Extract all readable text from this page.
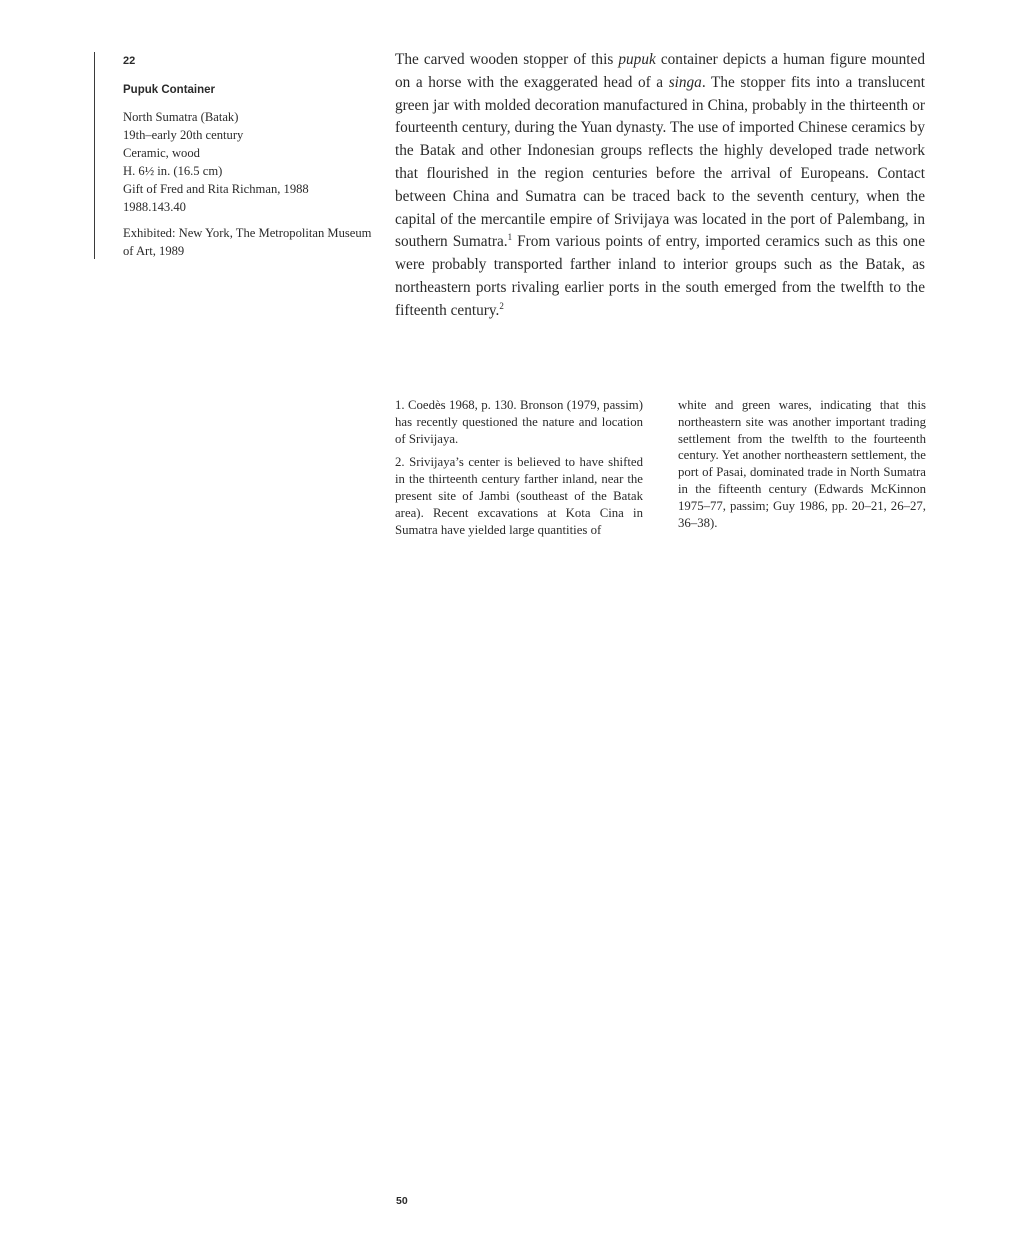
22

Pupuk Container

North Sumatra (Batak)

19th–early 20th century

Ceramic, wood

H. 6½ in. (16.5 cm)

Gift of Fred and Rita Richman, 1988

1988.143.40

Exhibited: New York, The Metropolitan Museum of Art, 1989

The carved wooden stopper of this pupuk container depicts a human figure mounted on a horse with the exaggerated head of a singa. The stopper fits into a translucent green jar with molded decoration manufactured in China, probably in the thirteenth or fourteenth century, during the Yuan dynasty. The use of imported Chinese ceramics by the Batak and other Indonesian groups reflects the highly developed trade network that flourished in the region centuries before the arrival of Europeans. Contact between China and Sumatra can be traced back to the seventh century, when the capital of the mercantile empire of Srivijaya was located in the port of Palembang, in southern Sumatra.$^1$ From various points of entry, imported ceramics such as this one were probably transported farther inland to interior groups such as the Batak, as northeastern ports rivaling earlier ports in the south emerged from the twelfth to the fifteenth century.$^2$

1. Coedès 1968, p. 130. Bronson (1979, passim) has recently questioned the nature and location of Srivijaya.

2. Srivijaya’s center is believed to have shifted in the thirteenth century farther inland, near the present site of Jambi (southeast of the Batak area). Recent excavations at Kota Cina in Sumatra have yielded large quantities of

white and green wares, indicating that this northeastern site was another important trading settlement from the twelfth to the fourteenth century. Yet another northeastern settlement, the port of Pasai, dominated trade in North Sumatra in the fifteenth century (Edwards McKinnon 1975–77, passim; Guy 1986, pp. 20–21, 26–27, 36–38).

50
